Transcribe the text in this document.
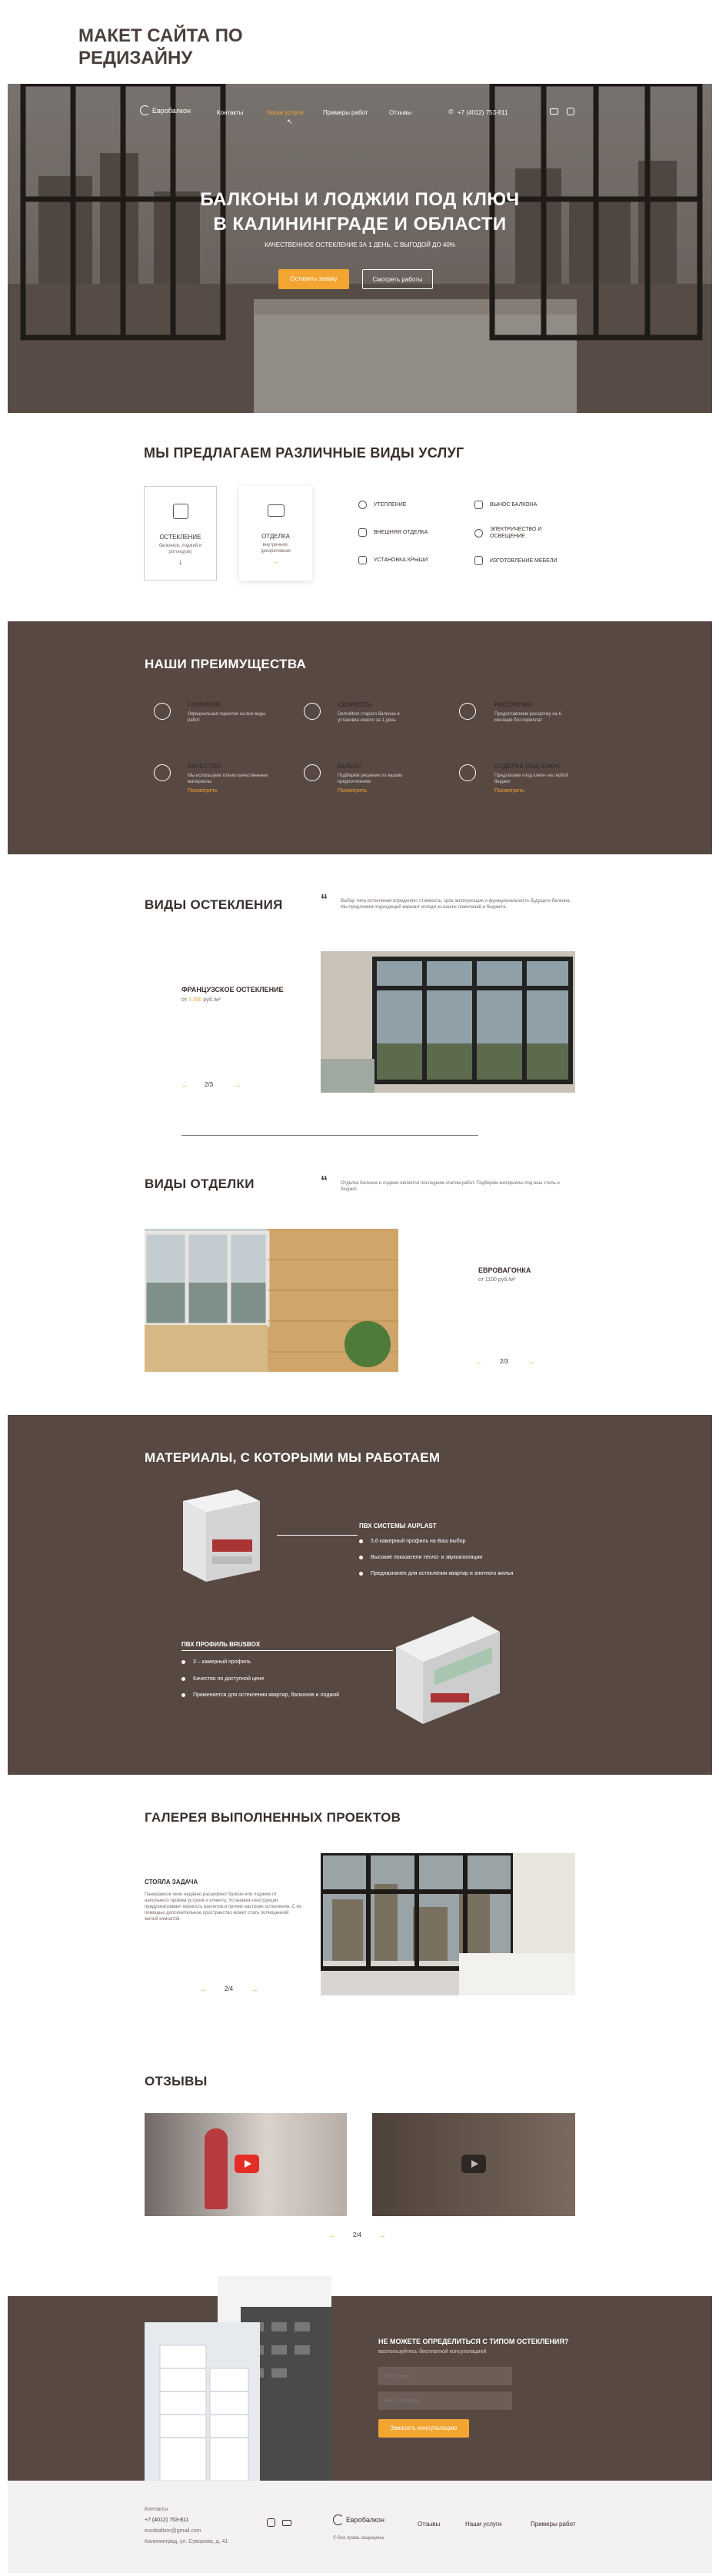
МАКЕТ САЙТА ПО
РЕДИЗАЙНУ
Евробалкон	Контакты	Наши услуги
↖
Примеры работ	Отзывы	✆ +7 (4012) 753-811
БАЛКОНЫ И ЛОДЖИИ ПОД КЛЮЧ
В КАЛИНИНГРАДЕ И ОБЛАСТИ
КАЧЕСТВЕННОЕ ОСТЕКЛЕНИЕ ЗА 1 ДЕНЬ, С ВЫГОДОЙ ДО 40%
Оставить заявку	Смотреть работы
МЫ ПРЕДЛАГАЕМ РАЗЛИЧНЫЕ ВИДЫ УСЛУГ
ОСТЕКЛЕНИЕ
балконов, лоджий и ротонд(ов)
↓
ОТДЕЛКА
внутренняя, декоративная
→
УТЕПЛЕНИЕ	ВЫНОС БАЛКОНА
ВНЕШНЯЯ ОТДЕЛКА
ЭЛЕКТРИЧЕСТВО И ОСВЕЩЕНИЕ
УСТАНОВКА КРЫШИ	ИЗГОТОВЛЕНИЕ МЕБЕЛИ
НАШИ ПРЕИМУЩЕСТВА
ГАРАНТИЯ
Официальная гарантия на все виды работ
СКОРОСТЬ
Demolition старого балкона и установка нового за 1 день
РАССРОЧКА
Предоставляем рассрочку на 6 месяцев без переплат
КАЧЕСТВО
Мы используем только качественные материалы
Посмотреть
ВЫБОР
Подберём решение по вашим предпочтениям
Посмотреть
ОТДЕЛКА ПОД КЛЮЧ
Предлагаем «под ключ» на любой бюджет
Посмотреть
ВИДЫ ОСТЕКЛЕНИЯ	“	Выбор типа остекления определяет стоимость, срок эксплуатации и функциональность будущего балкона. Мы предложим подходящий вариант исходя из ваших пожеланий и бюджета.
ФРАНЦУЗСКОЕ ОСТЕКЛЕНИЕ
от 3 300 руб./м²
←	2/3	→
ВИДЫ ОТДЕЛКИ	“	Отделка балкона и лоджии является последним этапом работ. Подберём материалы под ваш стиль и бюджет.
ЕВРОВАГОНКА
от 1100 руб./м²
←	2/3 →
МАТЕРИАЛЫ, С КОТОРЫМИ МЫ РАБОТАЕМ
ПВХ СИСТЕМЫ AUPLAST
5,6 камерный профиль на Ваш выбор
Высокие показатели тепло- и звукоизоляции
Предназначен для остекления квартир и элитного жилья
ПВХ ПРОФИЛЬ BRUSBOX
3 – камерный профиль
Качество по доступной цене
Применяется для остекления квартир, балконов и лоджий
ГАЛЕРЕЯ ВЫПОЛНЕННЫХ ПРОЕКТОВ
СТОЯЛА ЗАДАЧА
Панорамное окно недавно расширяют балкон или лоджию от напольного проёма устроив и клиенту. Установка конструкции предусматривает верность расчетов и прочих настроек остекления. С их помощью дополнительное пространство может стать полноценной жилой комнатой.
←	2/4 →
ОТЗЫВЫ
←	2/4 →
НЕ МОЖЕТЕ ОПРЕДЕЛИТЬСЯ С ТИПОМ ОСТЕКЛЕНИЯ?
воспользуйтесь бесплатной консультацией
Ваше имя
Ваш телефон
Заказать консультацию
Контакты
+7 (4012) 753-811
eurobalkon@gmail.com
Калининград, ул. Суворова, д. 41
Евробалкон
© Все права защищены
Отзывы	Наши услуги	Примеры работ
